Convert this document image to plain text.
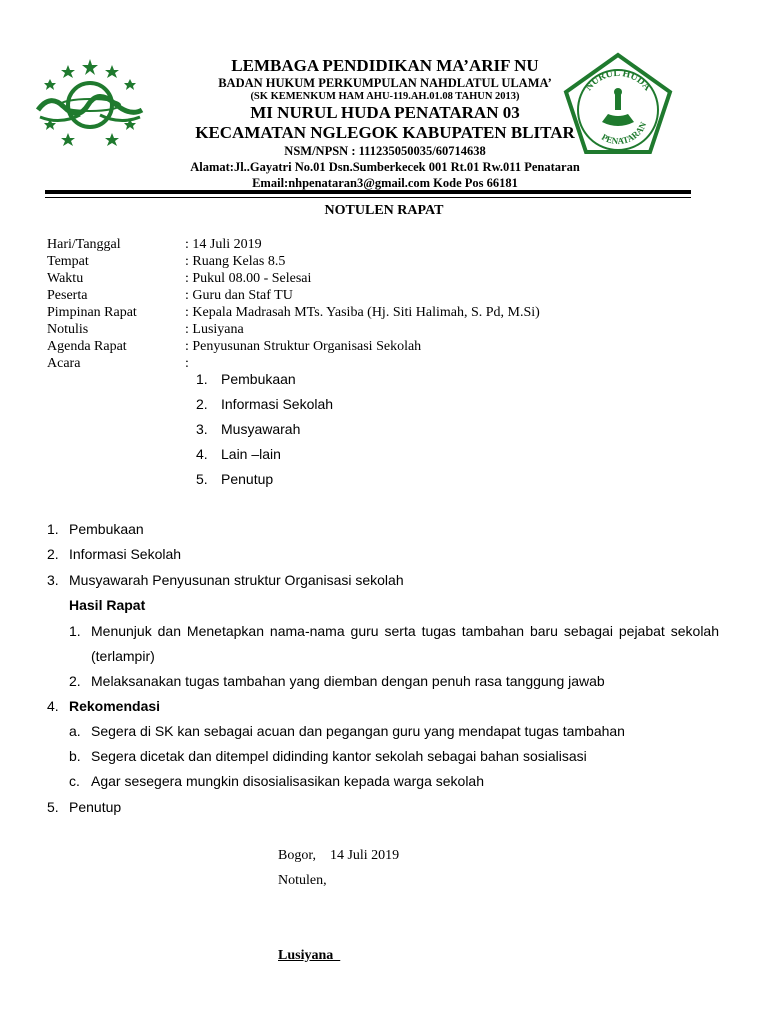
LEMBAGA PENDIDIKAN MA’ARIF NU
BADAN HUKUM PERKUMPULAN NAHDLATUL ULAMA’
(SK KEMENKUM HAM AHU-119.AH.01.08 TAHUN 2013)
MI NURUL HUDA PENATARAN 03
KECAMATAN NGLEGOK KABUPATEN BLITAR
NSM/NPSN : 111235050035/60714638
Alamat:Jl..Gayatri No.01 Dsn.Sumberkecek 001 Rt.01 Rw.011 Penataran
Email:nhpenataran3@gmail.com Kode Pos 66181
NURUL HUDA
PENATARAN
NOTULEN RAPAT
Hari/Tanggal	: 14 Juli 2019
Tempat	: Ruang Kelas 8.5
Waktu	: Pukul 08.00 - Selesai
Peserta	: Guru dan Staf TU
Pimpinan Rapat	: Kepala Madrasah MTs. Yasiba (Hj. Siti Halimah, S. Pd, M.Si)
Notulis	: Lusiyana
Agenda Rapat	: Penyusunan Struktur Organisasi Sekolah
Acara	:
1. Pembukaan
2. Informasi Sekolah
3. Musyawarah
4. Lain –lain
5. Penutup
1. Pembukaan
2. Informasi Sekolah
3. Musyawarah Penyusunan struktur Organisasi sekolah
Hasil Rapat
1. Menunjuk dan Menetapkan nama-nama guru serta tugas tambahan baru sebagai pejabat sekolah
(terlampir)
2. Melaksanakan tugas tambahan yang diemban dengan penuh rasa tanggung jawab
4. Rekomendasi
a. Segera di SK kan sebagai acuan dan pegangan guru yang mendapat tugas tambahan
b. Segera dicetak dan ditempel didinding kantor sekolah sebagai bahan sosialisasi
c. Agar sesegera mungkin disosialisasikan kepada warga sekolah
5. Penutup
Bogor,    14 Juli 2019
Notulen,
Lusiyana
